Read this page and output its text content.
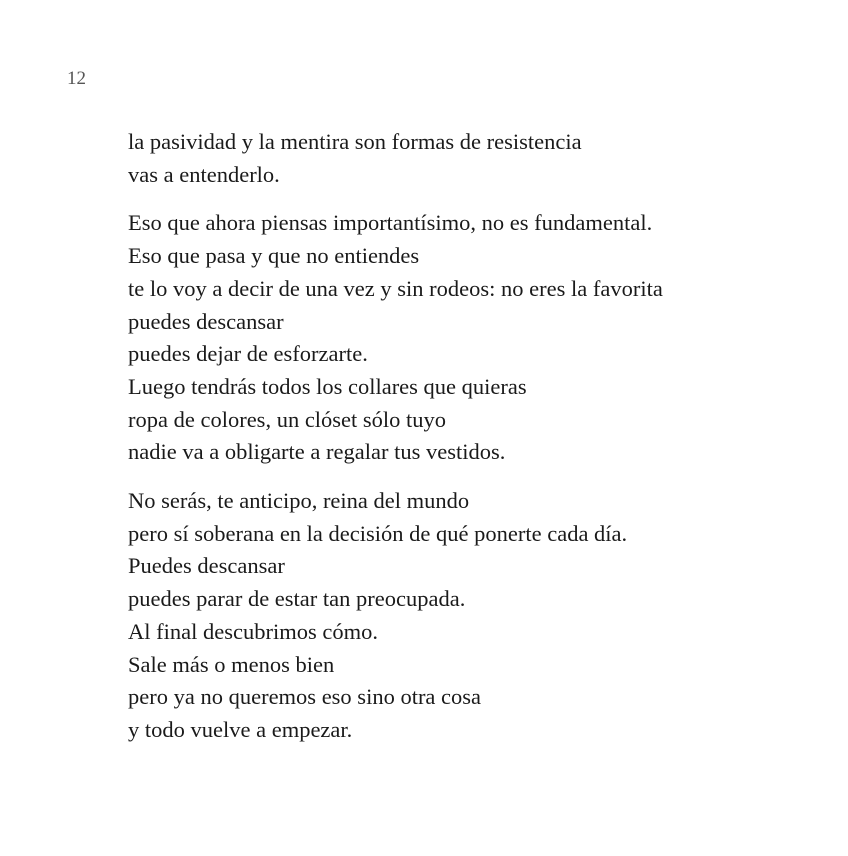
12
la pasividad y la mentira son formas de resistencia
vas a entenderlo.
Eso que ahora piensas importantísimo, no es fundamental.
Eso que pasa y que no entiendes
te lo voy a decir de una vez y sin rodeos: no eres la favorita
puedes descansar
puedes dejar de esforzarte.
Luego tendrás todos los collares que quieras
ropa de colores, un clóset sólo tuyo
nadie va a obligarte a regalar tus vestidos.
No serás, te anticipo, reina del mundo
pero sí soberana en la decisión de qué ponerte cada día.
Puedes descansar
puedes parar de estar tan preocupada.
Al final descubrimos cómo.
Sale más o menos bien
pero ya no queremos eso sino otra cosa
y todo vuelve a empezar.
